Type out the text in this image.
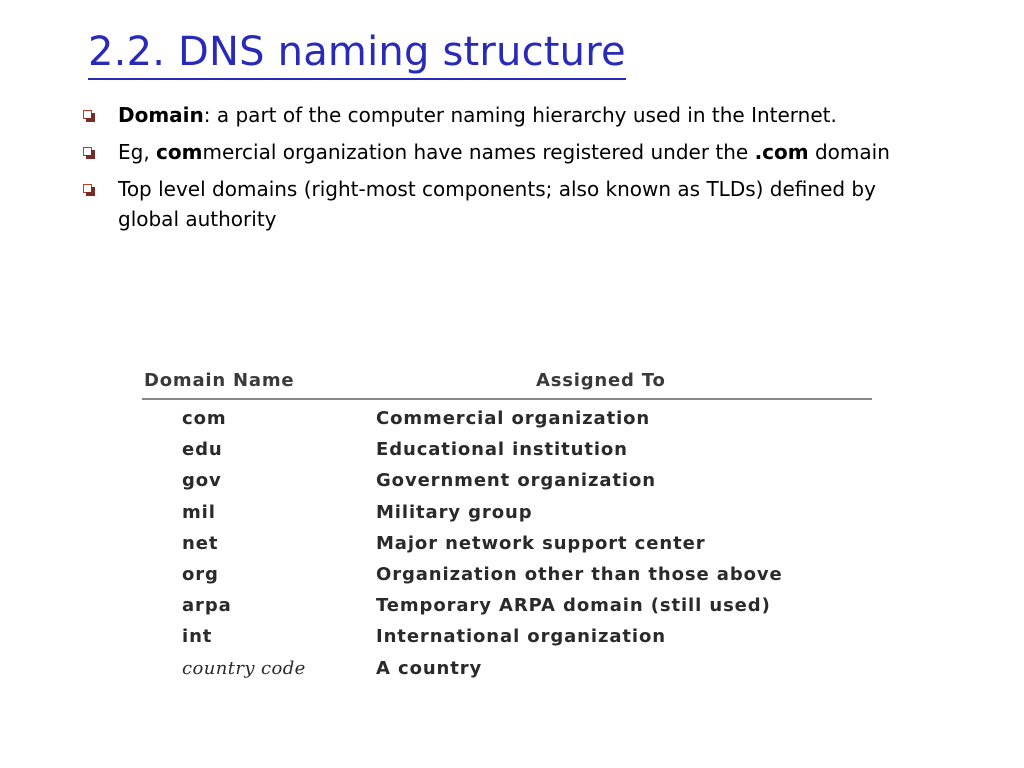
2.2. DNS naming structure
Domain: a part of the computer naming hierarchy used in the Internet.
Eg, commercial organization have names registered under the .com domain
Top level domains (right-most components; also known as TLDs) defined by global authority
Domain Name	Assigned To
com	Commercial organization
edu	Educational institution
gov	Government organization
mil	Military group
net	Major network support center
org	Organization other than those above
arpa	Temporary ARPA domain (still used)
int	International organization
country code	A country
